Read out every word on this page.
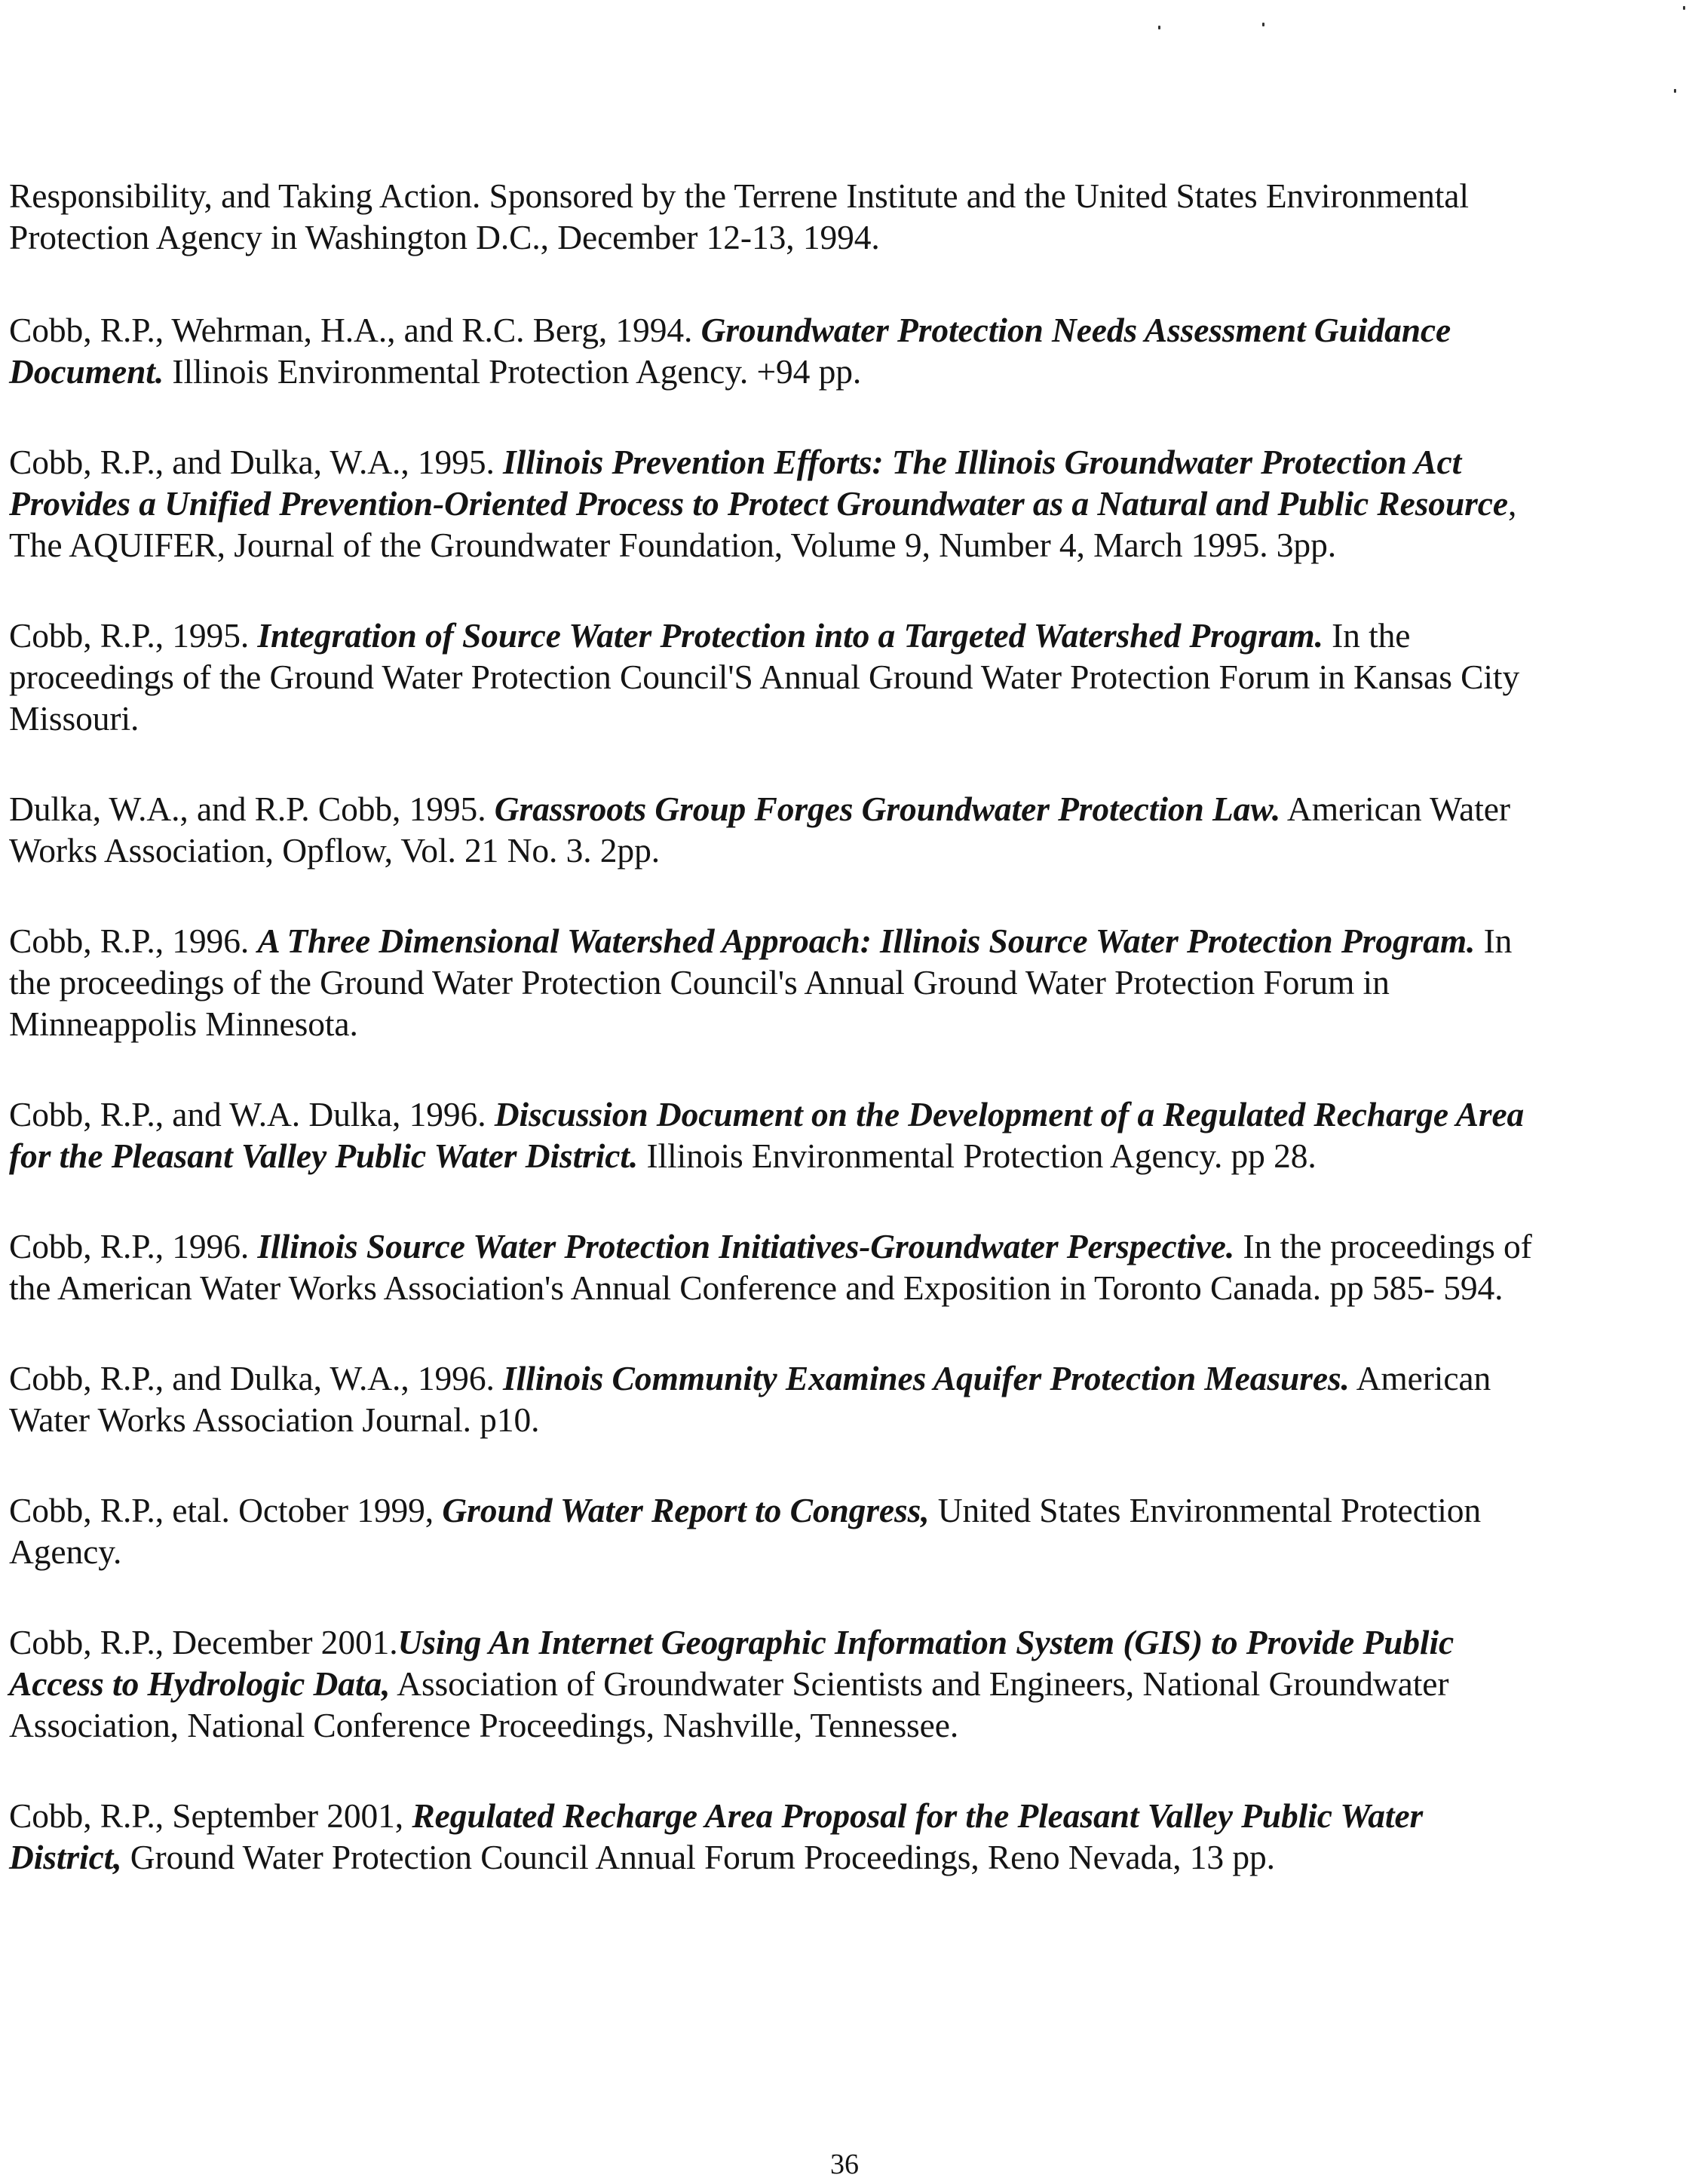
Responsibility, and Taking Action. Sponsored by the Terrene Institute and the United States Environmental Protection Agency in Washington D.C., December 12-13, 1994.

Cobb, R.P., Wehrman, H.A., and R.C. Berg, 1994. Groundwater Protection Needs Assessment Guidance Document. Illinois Environmental Protection Agency. +94 pp.

Cobb, R.P., and Dulka, W.A., 1995. Illinois Prevention Efforts: The Illinois Groundwater Protection Act Provides a Unified Prevention-Oriented Process to Protect Groundwater as a Natural and Public Resource, The AQUIFER, Journal of the Groundwater Foundation, Volume 9, Number 4, March 1995. 3pp.

Cobb, R.P., 1995. Integration of Source Water Protection into a Targeted Watershed Program. In the proceedings of the Ground Water Protection Council'S Annual Ground Water Protection Forum in Kansas City Missouri.

Dulka, W.A., and R.P. Cobb, 1995. Grassroots Group Forges Groundwater Protection Law. American Water Works Association, Opflow, Vol. 21 No. 3. 2pp.

Cobb, R.P., 1996. A Three Dimensional Watershed Approach: Illinois Source Water Protection Program. In the proceedings of the Ground Water Protection Council's Annual Ground Water Protection Forum in Minneappolis Minnesota.

Cobb, R.P., and W.A. Dulka, 1996. Discussion Document on the Development of a Regulated Recharge Area for the Pleasant Valley Public Water District. Illinois Environmental Protection Agency. pp 28.

Cobb, R.P., 1996. Illinois Source Water Protection Initiatives-Groundwater Perspective. In the proceedings of the American Water Works Association's Annual Conference and Exposition in Toronto Canada. pp 585- 594.

Cobb, R.P., and Dulka, W.A., 1996. Illinois Community Examines Aquifer Protection Measures. American Water Works Association Journal. p10.

Cobb, R.P., etal. October 1999, Ground Water Report to Congress, United States Environmental Protection Agency.

Cobb, R.P., December 2001.Using An Internet Geographic Information System (GIS) to Provide Public Access to Hydrologic Data, Association of Groundwater Scientists and Engineers, National Groundwater Association, National Conference Proceedings, Nashville, Tennessee.

Cobb, R.P., September 2001, Regulated Recharge Area Proposal for the Pleasant Valley Public Water District, Ground Water Protection Council Annual Forum Proceedings, Reno Nevada, 13 pp.

36
